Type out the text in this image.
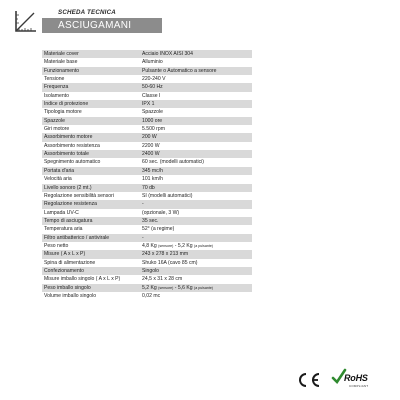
SCHEDA TECNICA
ASCIUGAMANI
Materiale cover	Acciaio INOX AISI 304
Materiale base	Alluminio
Funzionamento	Pulsante o Automatico a sensore
Tensione	220-240 V
Frequenza	50-60 Hz
Isolamento	Classe I
Indice di protezione	IPX 1
Tipologia motore	Spazzole
Spazzole	1000 ore
Giri motore	5.500 rpm
Assorbimento motore	200 W
Assorbimento resistenza	2200 W
Assorbimento totale	2400 W
Spegnimento automatico	60 sec. (modelli automatici)
Portata d'aria	345 mc/h
Velocità aria	101 km/h
Livello sonoro (2 mt.)	70 db
Regolazione sensibilità sensori	SI (modelli automatici)
Regolazione resistenza	-
Lampada UV-C	(opzionale, 3 W)
Tempo di asciugatura	35 sec.
Temperatura aria	52° (a regime)
Filtro antibatterico / antivirale	-
Peso netto	4,8 Kg (sensore) - 5,2 Kg (a pulsante)
Misure ( A x L x P)	243 x 278 x 213 mm
Spina di alimentazione	Shuko 16A (cavo 85 cm)
Confezionamento	Singolo
Misure imballo singolo ( A x L x P)	24,5 x 31 x 28 cm
Peso imballo singolo	5,2 Kg (sensore) - 5,6 Kg (a pulsante)
Volume imballo singolo	0,02 mc
RoHS
COMPLIANT
